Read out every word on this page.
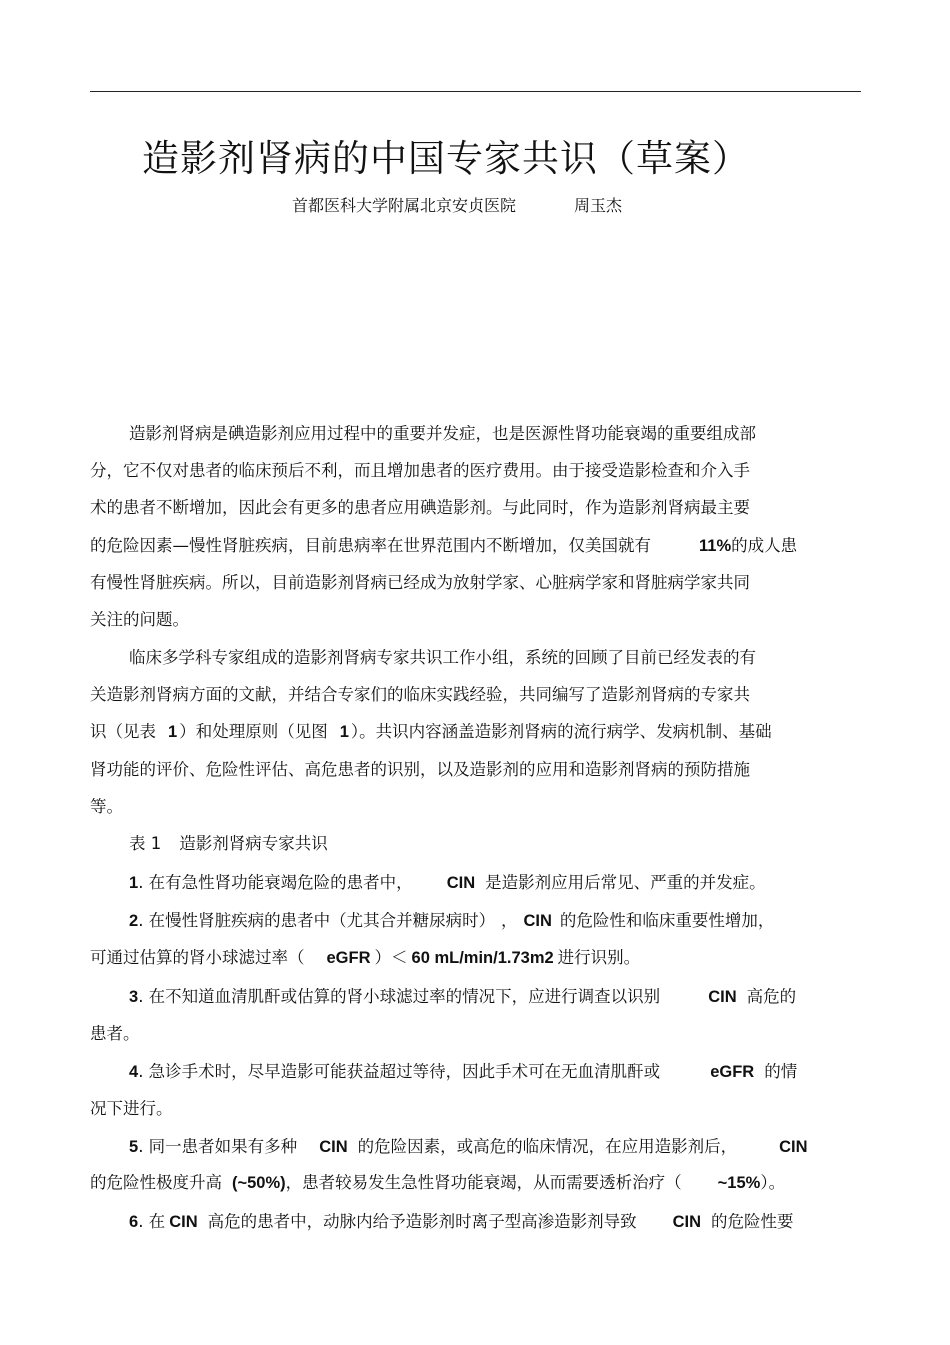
造影剂肾病的中国专家共识（草案）
首都医科大学附属北京安贞医院	周玉杰
造影剂肾病是碘造影剂应用过程中的重要并发症，也是医源性肾功能衰竭的重要组成部
分，它不仅对患者的临床预后不利，而且增加患者的医疗费用。由于接受造影检查和介入手
术的患者不断增加，因此会有更多的患者应用碘造影剂。与此同时，作为造影剂肾病最主要
的危险因素—慢性肾脏疾病，目前患病率在世界范围内不断增加，仅美国就有	11%的成人患
有慢性肾脏疾病。所以，目前造影剂肾病已经成为放射学家、心脏病学家和肾脏病学家共同
关注的问题。
临床多学科专家组成的造影剂肾病专家共识工作小组，系统的回顾了目前已经发表的有
关造影剂肾病方面的文献，并结合专家们的临床实践经验，共同编写了造影剂肾病的专家共
识（见表 1 ）和处理原则（见图 1 ）。共识内容涵盖造影剂肾病的流行病学、发病机制、基础
肾功能的评价、危险性评估、高危患者的识别，以及造影剂的应用和造影剂肾病的预防措施
等。
表 1 造影剂肾病专家共识
1. 在有急性肾功能衰竭危险的患者中， CIN 是造影剂应用后常见、严重的并发症。
2. 在慢性肾脏疾病的患者中（尤其合并糖尿病时） ， CIN 的危险性和临床重要性增加，
可通过估算的肾小球滤过率（ eGFR ）＜ 60 mL/min/1.73m2 进行识别。
3. 在不知道血清肌酐或估算的肾小球滤过率的情况下，应进行调查以识别	CIN 高危的
患者。
4. 急诊手术时，尽早造影可能获益超过等待，因此手术可在无血清肌酐或	eGFR 的情
况下进行。
5. 同一患者如果有多种 CIN 的危险因素，或高危的临床情况，在应用造影剂后，	CIN
的危险性极度升高 (~50%)，患者较易发生急性肾功能衰竭，从而需要透析治疗（ ~15%）。
6. 在 CIN 高危的患者中，动脉内给予造影剂时离子型高渗造影剂导致 CIN 的危险性要
